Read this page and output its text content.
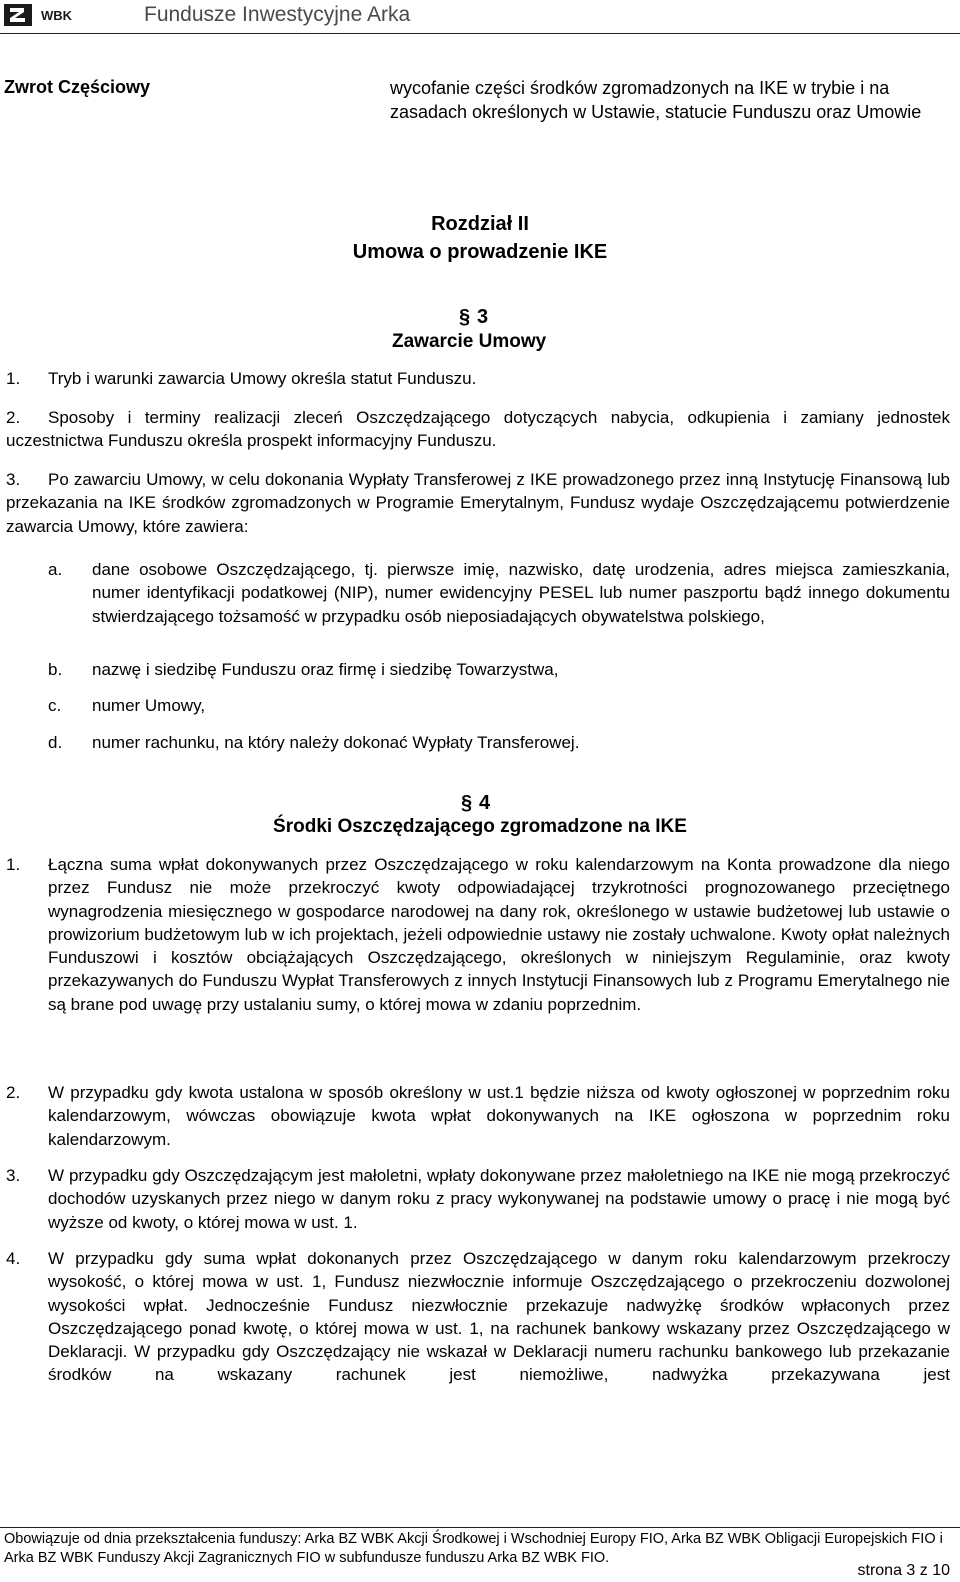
WBK	Fundusze Inwestycyjne Arka
Zwrot Częściowy	wycofanie części środków zgromadzonych na IKE w trybie i na zasadach określonych w Ustawie, statucie Funduszu oraz Umowie
Rozdział II
Umowa o prowadzenie IKE
§ 3
Zawarcie Umowy
1. Tryb i warunki zawarcia Umowy określa statut Funduszu.
2.	Sposoby i terminy realizacji zleceń Oszczędzającego dotyczących nabycia, odkupienia i zamiany jednostek uczestnictwa Funduszu określa prospekt informacyjny Funduszu.
3.	Po zawarciu Umowy, w celu dokonania Wypłaty Transferowej z IKE prowadzonego przez inną Instytucję Finansową lub przekazania na IKE środków zgromadzonych w Programie Emerytalnym, Fundusz wydaje Oszczędzającemu potwierdzenie zawarcia Umowy, które zawiera:
a. dane osobowe Oszczędzającego, tj. pierwsze imię, nazwisko, datę urodzenia, adres miejsca zamieszkania, numer identyfikacji podatkowej (NIP), numer ewidencyjny PESEL lub numer paszportu bądź innego dokumentu stwierdzającego tożsamość w przypadku osób nieposiadających obywatelstwa polskiego,
b. nazwę i siedzibę Funduszu oraz firmę i siedzibę Towarzystwa,
c. numer Umowy,
d. numer rachunku, na który należy dokonać Wypłaty Transferowej.
§ 4
Środki Oszczędzającego zgromadzone na IKE
1. Łączna suma wpłat dokonywanych przez Oszczędzającego w roku kalendarzowym na Konta prowadzone dla niego przez Fundusz nie może przekroczyć kwoty odpowiadającej trzykrotności prognozowanego przeciętnego wynagrodzenia miesięcznego w gospodarce narodowej na dany rok, określonego w ustawie budżetowej lub ustawie o prowizorium budżetowym lub w ich projektach, jeżeli odpowiednie ustawy nie zostały uchwalone. Kwoty opłat należnych Funduszowi i kosztów obciążających Oszczędzającego, określonych w niniejszym Regulaminie, oraz kwoty przekazywanych do Funduszu Wypłat Transferowych z innych Instytucji Finansowych lub z Programu Emerytalnego nie są brane pod uwagę przy ustalaniu sumy, o której mowa w zdaniu poprzednim.
2. W przypadku gdy kwota ustalona w sposób określony w ust.1 będzie niższa od kwoty ogłoszonej w poprzednim roku kalendarzowym, wówczas obowiązuje kwota wpłat dokonywanych na IKE ogłoszona w poprzednim roku kalendarzowym.
3. W przypadku gdy Oszczędzającym jest małoletni, wpłaty dokonywane przez małoletniego na IKE nie mogą przekroczyć dochodów uzyskanych przez niego w danym roku z pracy wykonywanej na podstawie umowy o pracę i nie mogą być wyższe od kwoty, o której mowa w ust. 1.
4. W przypadku gdy suma wpłat dokonanych przez Oszczędzającego w danym roku kalendarzowym przekroczy wysokość, o której mowa w ust. 1, Fundusz niezwłocznie informuje Oszczędzającego o przekroczeniu dozwolonej wysokości wpłat. Jednocześnie Fundusz niezwłocznie przekazuje nadwyżkę środków wpłaconych przez Oszczędzającego ponad kwotę, o której mowa w ust. 1, na rachunek bankowy wskazany przez Oszczędzającego w Deklaracji. W przypadku gdy Oszczędzający nie wskazał w Deklaracji numeru rachunku bankowego lub przekazanie środków na wskazany rachunek jest niemożliwe, nadwyżka przekazywana jest
Obowiązuje od dnia przekształcenia funduszy: Arka BZ WBK Akcji Środkowej i Wschodniej Europy FIO, Arka BZ WBK Obligacji Europejskich FIO i Arka BZ WBK Funduszy Akcji Zagranicznych FIO w subfundusze funduszu Arka BZ WBK FIO.
strona 3 z 10
